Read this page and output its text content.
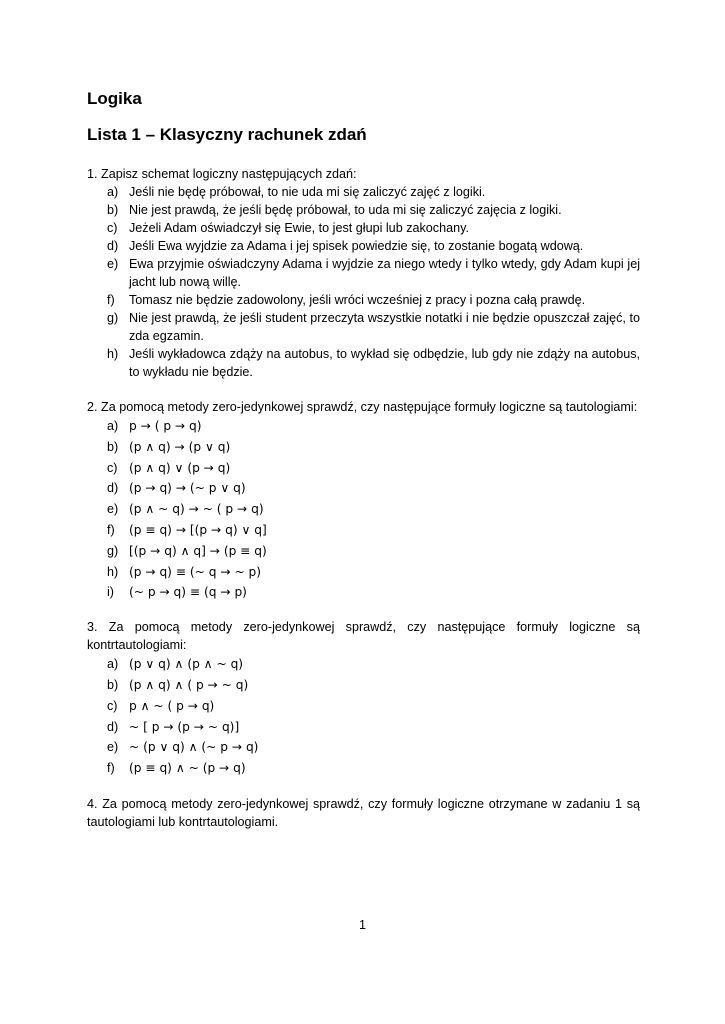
Logika
Lista 1 – Klasyczny rachunek zdań
1. Zapisz schemat logiczny następujących zdań:
a) Jeśli nie będę próbował, to nie uda mi się zaliczyć zajęć z logiki.
b) Nie jest prawdą, że jeśli będę próbował, to uda mi się zaliczyć zajęcia z logiki.
c) Jeżeli Adam oświadczył się Ewie, to jest głupi lub zakochany.
d) Jeśli Ewa wyjdzie za Adama i jej spisek powiedzie się, to zostanie bogatą wdową.
e) Ewa przyjmie oświadczyny Adama i wyjdzie za niego wtedy i tylko wtedy, gdy Adam kupi jej jacht lub nową willę.
f) Tomasz nie będzie zadowolony, jeśli wróci wcześniej z pracy i pozna całą prawdę.
g) Nie jest prawdą, że jeśli student przeczyta wszystkie notatki i nie będzie opuszczał zajęć, to zda egzamin.
h) Jeśli wykładowca zdąży na autobus, to wykład się odbędzie, lub gdy nie zdąży na autobus, to wykładu nie będzie.
2. Za pomocą metody zero-jedynkowej sprawdź, czy następujące formuły logiczne są tautologiami:
a) p → ( p → q)
b) (p ∧ q) → (p ∨ q)
c) (p ∧ q) ∨ (p → q)
d) (p → q) → (~ p ∨ q)
e) (p ∧ ~ q) → ~ ( p → q)
f) (p ≡ q) → [(p → q) ∨ q]
g) [(p → q) ∧ q] → (p ≡ q)
h) (p → q) ≡ (~ q → ~ p)
i) (~ p → q) ≡ (q → p)
3. Za pomocą metody zero-jedynkowej sprawdź, czy następujące formuły logiczne są kontrtautologiami:
a) (p ∨ q) ∧ (p ∧ ~ q)
b) (p ∧ q) ∧ ( p → ~ q)
c) p ∧ ~ ( p → q)
d) ~ [ p → (p → ~ q)]
e) ~ (p ∨ q) ∧ (~ p → q)
f) (p ≡ q) ∧ ~ (p → q)
4. Za pomocą metody zero-jedynkowej sprawdź, czy formuły logiczne otrzymane w zadaniu 1 są tautologiami lub kontrtautologiami.
1
